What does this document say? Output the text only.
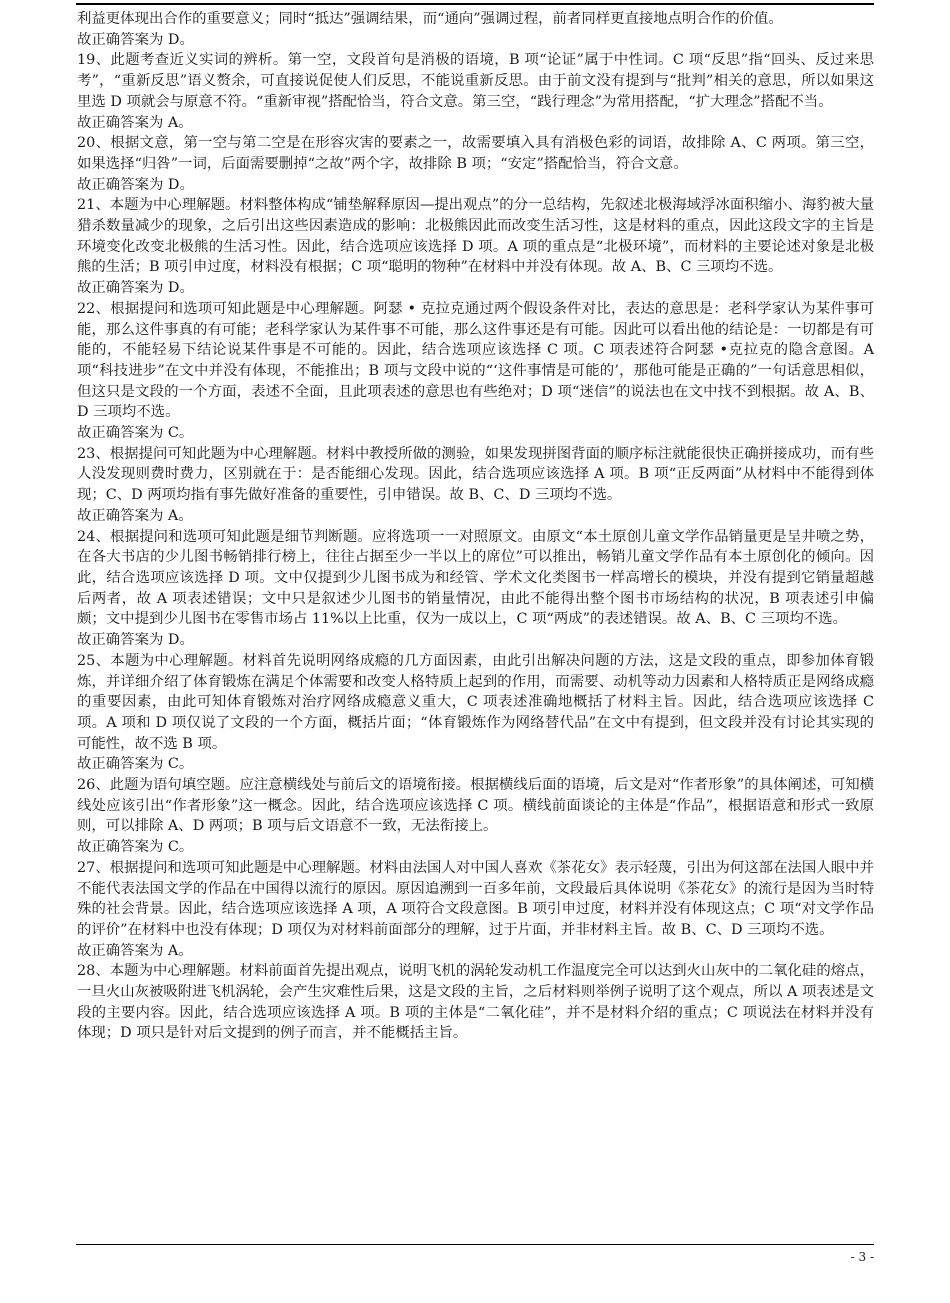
利益更体现出合作的重要意义；同时“抵达”强调结果，而“通向”强调过程，前者同样更直接地点明合作的价值。

故正确答案为 D。

19、此题考查近义实词的辨析。第一空，文段首句是消极的语境，B 项“论证”属于中性词。C 项“反思”指“回头、反过来思考”，“重新反思”语义赘余，可直接说促使人们反思，不能说重新反思。由于前文没有提到与“批判”相关的意思，所以如果这里选 D 项就会与原意不符。“重新审视”搭配恰当，符合文意。第三空，“践行理念”为常用搭配，“扩大理念”搭配不当。

故正确答案为 A。

20、根据文意，第一空与第二空是在形容灾害的要素之一，故需要填入具有消极色彩的词语，故排除 A、C 两项。第三空，如果选择“归咎”一词，后面需要删掉“之故”两个字，故排除 B 项；“安定”搭配恰当，符合文意。

故正确答案为 D。

21、本题为中心理解题。材料整体构成“铺垫解释原因—提出观点”的分一总结构，先叙述北极海域浮冰面积缩小、海豹被大量猎杀数量减少的现象，之后引出这些因素造成的影响：北极熊因此而改变生活习性，这是材料的重点，因此这段文字的主旨是环境变化改变北极熊的生活习性。因此，结合选项应该选择 D 项。A 项的重点是“北极环境”，而材料的主要论述对象是北极熊的生活；B 项引申过度，材料没有根据；C 项“聪明的物种”在材料中并没有体现。故 A、B、C 三项均不选。

故正确答案为 D。

22、根据提问和选项可知此题是中心理解题。阿瑟 • 克拉克通过两个假设条件对比，表达的意思是：老科学家认为某件事可能，那么这件事真的有可能；老科学家认为某件事不可能，那么这件事还是有可能。因此可以看出他的结论是：一切都是有可能的，不能轻易下结论说某件事是不可能的。因此，结合选项应该选择 C 项。C 项表述符合阿瑟 •克拉克的隐含意图。A 项“科技进步”在文中并没有体现，不能推出；B 项与文段中说的“‘这件事情是可能的’，那他可能是正确的”一句话意思相似，但这只是文段的一个方面，表述不全面，且此项表述的意思也有些绝对；D 项“迷信”的说法也在文中找不到根据。故 A、B、D 三项均不选。

故正确答案为 C。

23、根据提问可知此题为中心理解题。材料中教授所做的测验，如果发现拼图背面的顺序标注就能很快正确拼接成功，而有些人没发现则费时费力，区别就在于：是否能细心发现。因此，结合选项应该选择 A 项。B 项“正反两面”从材料中不能得到体现；C、D 两项均指有事先做好准备的重要性，引申错误。故 B、C、D 三项均不选。

故正确答案为 A。

24、根据提问和选项可知此题是细节判断题。应将选项一一对照原文。由原文“本土原创儿童文学作品销量更是呈井喷之势，在各大书店的少儿图书畅销排行榜上，往往占据至少一半以上的席位”可以推出，畅销儿童文学作品有本土原创化的倾向。因此，结合选项应该选择 D 项。文中仅提到少儿图书成为和经管、学术文化类图书一样高增长的模块，并没有提到它销量超越后两者，故 A 项表述错误；文中只是叙述少儿图书的销量情况，由此不能得出整个图书市场结构的状况，B 项表述引申偏颇；文中提到少儿图书在零售市场占 11%以上比重，仅为一成以上，C 项“两成”的表述错误。故 A、B、C 三项均不选。

故正确答案为 D。

25、本题为中心理解题。材料首先说明网络成瘾的几方面因素，由此引出解决问题的方法，这是文段的重点，即参加体育锻炼，并详细介绍了体育锻炼在满足个体需要和改变人格特质上起到的作用，而需要、动机等动力因素和人格特质正是网络成瘾的重要因素，由此可知体育锻炼对治疗网络成瘾意义重大，C 项表述准确地概括了材料主旨。因此，结合选项应该选择 C 项。A 项和 D 项仅说了文段的一个方面，概括片面；“体育锻炼作为网络替代品”在文中有提到，但文段并没有讨论其实现的可能性，故不选 B 项。

故正确答案为 C。

26、此题为语句填空题。应注意横线处与前后文的语境衔接。根据横线后面的语境，后文是对“作者形象”的具体阐述，可知横线处应该引出“作者形象”这一概念。因此，结合选项应该选择 C 项。横线前面谈论的主体是“作品”，根据语意和形式一致原则，可以排除 A、D 两项；B 项与后文语意不一致，无法衔接上。

故正确答案为 C。

27、根据提问和选项可知此题是中心理解题。材料由法国人对中国人喜欢《茶花女》表示轻蔑，引出为何这部在法国人眼中并不能代表法国文学的作品在中国得以流行的原因。原因追溯到一百多年前，文段最后具体说明《茶花女》的流行是因为当时特殊的社会背景。因此，结合选项应该选择 A 项，A 项符合文段意图。B 项引申过度，材料并没有体现这点；C 项“对文学作品的评价”在材料中也没有体现；D 项仅为对材料前面部分的理解，过于片面，并非材料主旨。故 B、C、D 三项均不选。

故正确答案为 A。

28、本题为中心理解题。材料前面首先提出观点，说明飞机的涡轮发动机工作温度完全可以达到火山灰中的二氧化硅的熔点，一旦火山灰被吸附进飞机涡轮，会产生灾难性后果，这是文段的主旨，之后材料则举例子说明了这个观点，所以 A 项表述是文段的主要内容。因此，结合选项应该选择 A 项。B 项的主体是“二氧化硅”，并不是材料介绍的重点；C 项说法在材料并没有体现；D 项只是针对后文提到的例子而言，并不能概括主旨。

- 3 -
